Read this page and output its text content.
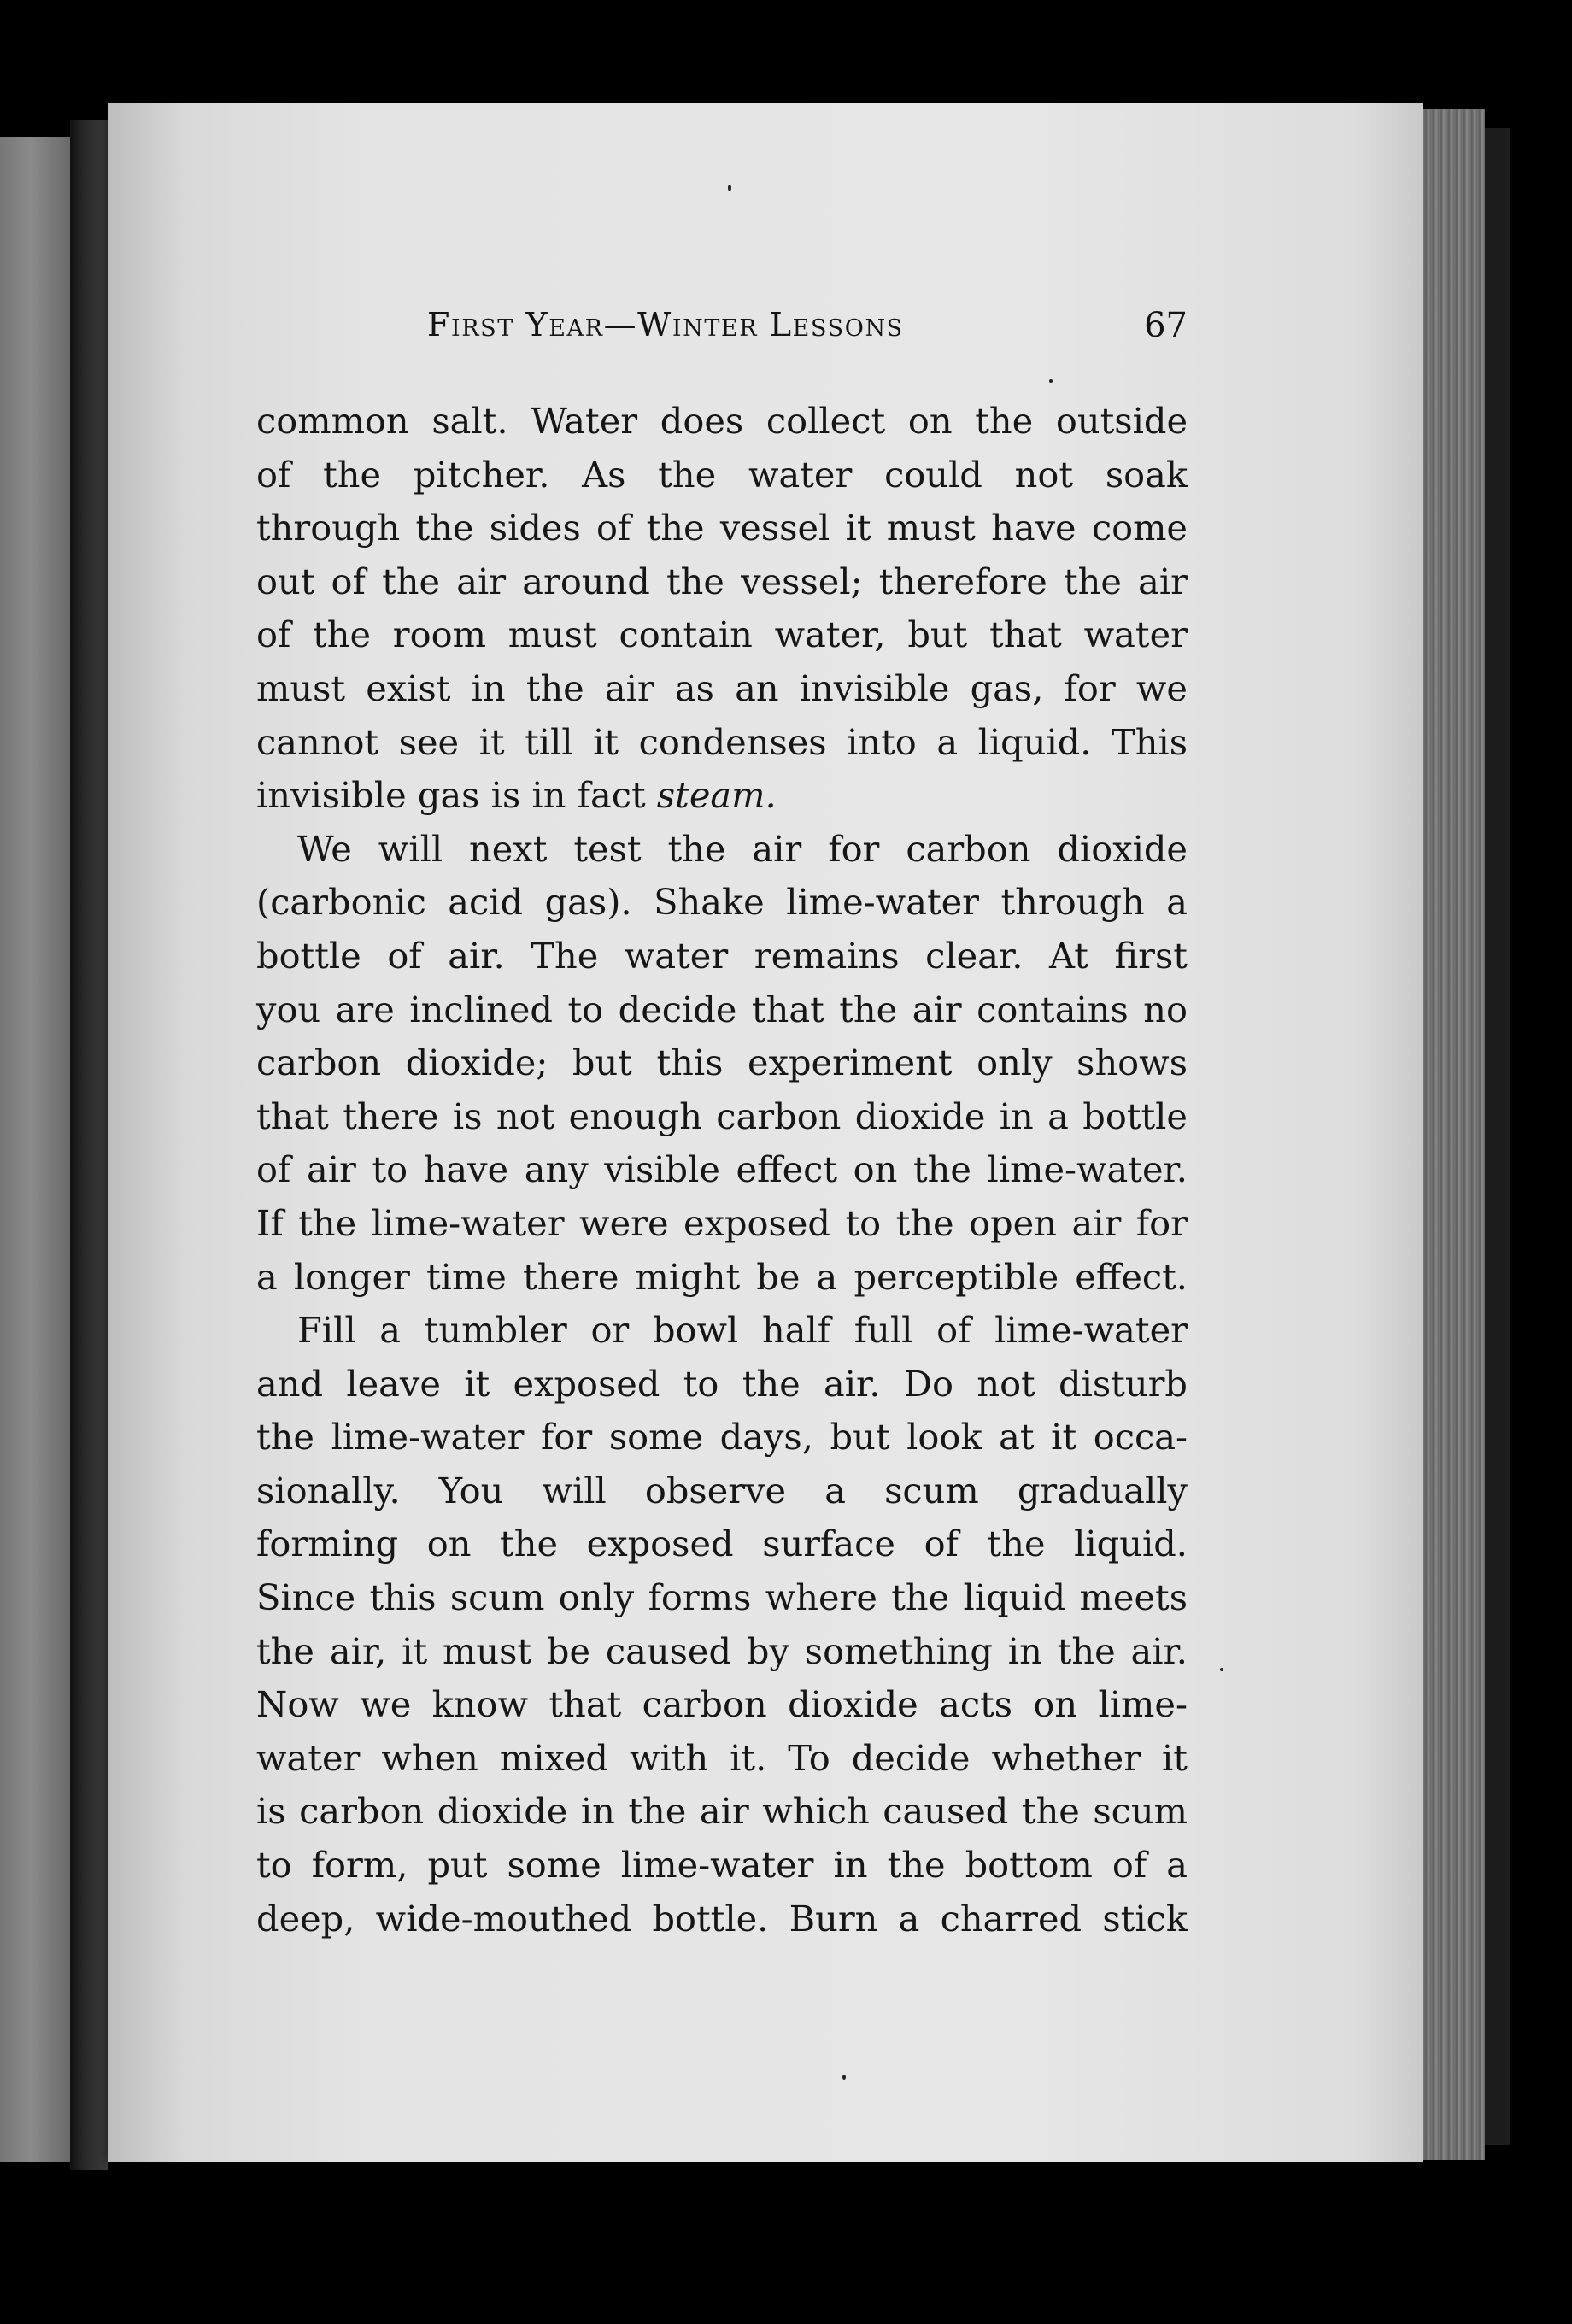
First Year—Winter Lessons	67
common salt. Water does collect on the outside
of the pitcher. As the water could not soak
through the sides of the vessel it must have come
out of the air around the vessel; therefore the air
of the room must contain water, but that water
must exist in the air as an invisible gas, for we
cannot see it till it condenses into a liquid. This
invisible gas is in fact steam.
We will next test the air for carbon dioxide
(carbonic acid gas). Shake lime-water through a
bottle of air. The water remains clear. At first
you are inclined to decide that the air contains no
carbon dioxide; but this experiment only shows
that there is not enough carbon dioxide in a bottle
of air to have any visible effect on the lime-water.
If the lime-water were exposed to the open air for
a longer time there might be a perceptible effect.
Fill a tumbler or bowl half full of lime-water
and leave it exposed to the air. Do not disturb
the lime-water for some days, but look at it occa-
sionally. You will observe a scum gradually
forming on the exposed surface of the liquid.
Since this scum only forms where the liquid meets
the air, it must be caused by something in the air.
Now we know that carbon dioxide acts on lime-
water when mixed with it. To decide whether it
is carbon dioxide in the air which caused the scum
to form, put some lime-water in the bottom of a
deep, wide-mouthed bottle. Burn a charred stick
